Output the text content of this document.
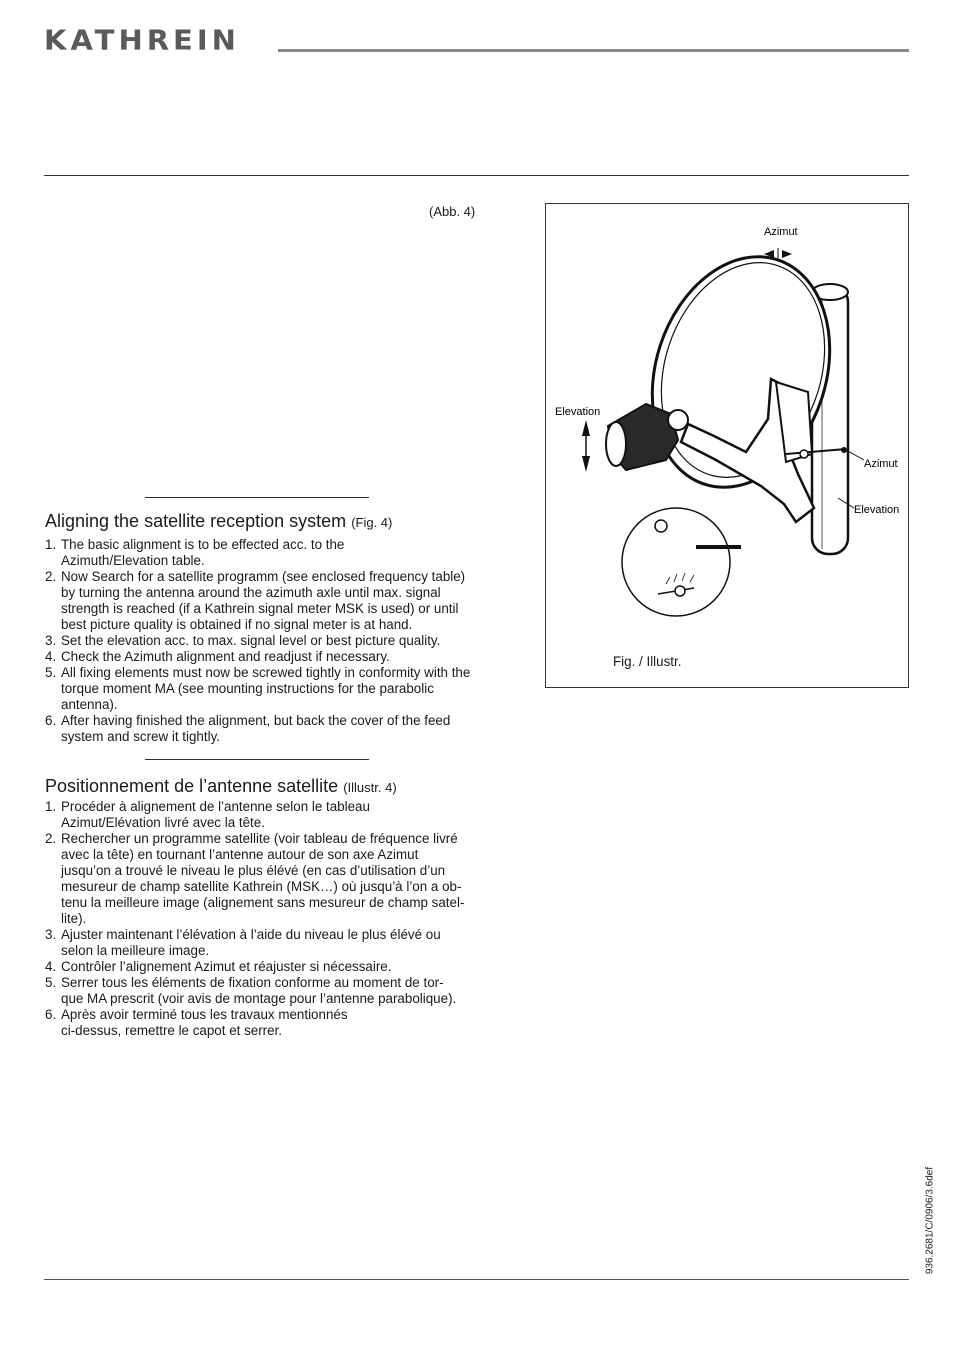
KATHREIN
(Abb. 4)
Aligning the satellite reception system (Fig. 4)
1. The basic alignment is to be effected acc. to the
Azimuth/Elevation table.
2. Now Search for a satellite programm (see enclosed frequency table)
by turning the antenna around the azimuth axle until max. signal
strength is reached (if a Kathrein signal meter MSK is used) or until
best picture quality is obtained if no signal meter is at hand.
3. Set the elevation acc. to max. signal level or best picture quality.
4. Check the Azimuth alignment and readjust if necessary.
5. All fixing elements must now be screwed tightly in conformity with the
torque moment MA (see mounting instructions for the parabolic
antenna).
6. After having finished the alignment, but back the cover of the feed
system and screw it tightly.
Positionnement de l’antenne satellite (Illustr. 4)
1. Procéder à alignement de l’antenne selon le tableau
Azimut/Elévation livré avec la tête.
2. Rechercher un programme satellite (voir tableau de fréquence livré
avec la tête) en tournant l’antenne autour de son axe Azimut
jusqu’on a trouvé le niveau le plus élévé (en cas d’utilisation d’un
mesureur de champ satellite Kathrein (MSK…) où jusqu’à l’on a ob-
tenu la meilleure image (alignement sans mesureur de champ satel-
lite).
3. Ajuster maintenant l’élévation à l’aide du niveau le plus élévé ou
selon la meilleure image.
4. Contrôler l’alignement Azimut et réajuster si nécessaire.
5. Serrer tous les éléments de fixation conforme au moment de tor-
que MA prescrit (voir avis de montage pour l’antenne parabolique).
6. Après avoir terminé tous les travaux mentionnés
ci-dessus, remettre le capot et serrer.
Azimut
Elevation
Azimut
Elevation
Fig. / Illustr.
936.2681/C/0906/3.6def
